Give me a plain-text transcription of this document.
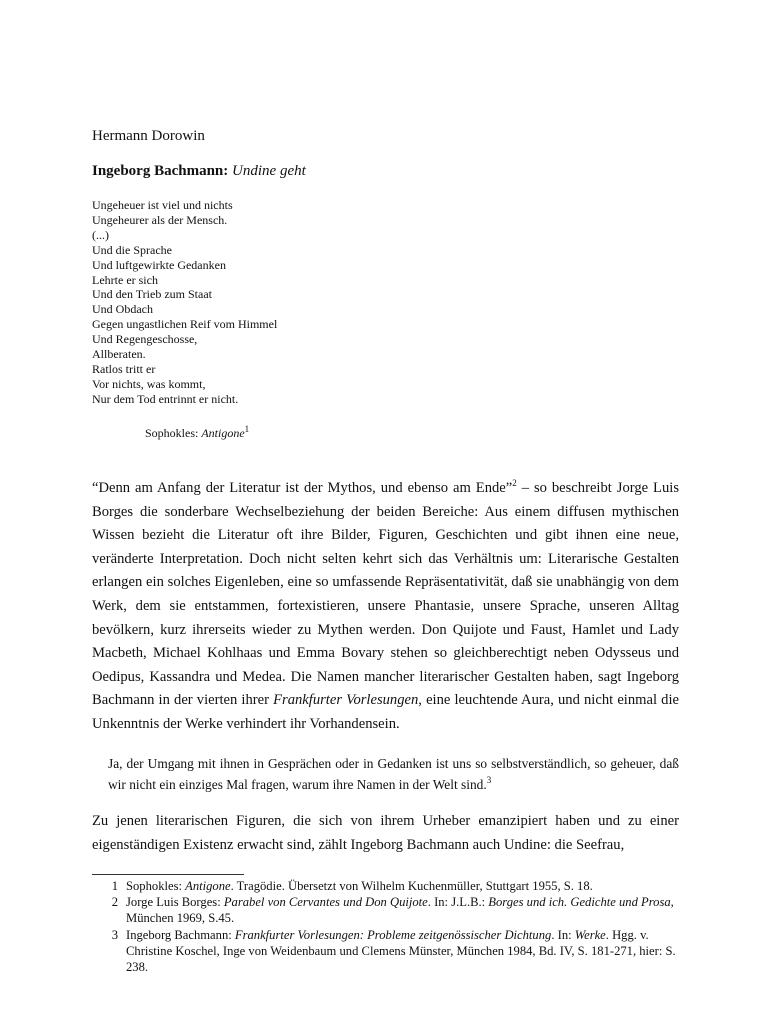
Hermann Dorowin
Ingeborg Bachmann: Undine geht
Ungeheuer ist viel und nichts
Ungeheurer als der Mensch.
(...)
Und die Sprache
Und luftgewirkte Gedanken
Lehrte er sich
Und den Trieb zum Staat
Und Obdach
Gegen ungastlichen Reif vom Himmel
Und Regengeschosse,
Allberaten.
Ratlos tritt er
Vor nichts, was kommt,
Nur dem Tod entrinnt er nicht.
Sophokles: Antigone$^1$
“Denn am Anfang der Literatur ist der Mythos, und ebenso am Ende”$^2$ – so beschreibt Jorge Luis Borges die sonderbare Wechselbeziehung der beiden Bereiche: Aus einem diffusen mythischen Wissen bezieht die Literatur oft ihre Bilder, Figuren, Geschichten und gibt ihnen eine neue, veränderte Interpretation. Doch nicht selten kehrt sich das Verhältnis um: Literarische Gestalten erlangen ein solches Eigenleben, eine so umfassende Repräsentativität, daß sie unabhängig von dem Werk, dem sie entstammen, fortexistieren, unsere Phantasie, unsere Sprache, unseren Alltag bevölkern, kurz ihrerseits wieder zu Mythen werden. Don Quijote und Faust, Hamlet und Lady Macbeth, Michael Kohlhaas und Emma Bovary stehen so gleichberechtigt neben Odysseus und Oedipus, Kassandra und Medea. Die Namen mancher literarischer Gestalten haben, sagt Ingeborg Bachmann in der vierten ihrer Frankfurter Vorlesungen, eine leuchtende Aura, und nicht einmal die Unkenntnis der Werke verhindert ihr Vorhandensein.
Ja, der Umgang mit ihnen in Gesprächen oder in Gedanken ist uns so selbstverständlich, so geheuer, daß wir nicht ein einziges Mal fragen, warum ihre Namen in der Welt sind.$^3$
Zu jenen literarischen Figuren, die sich von ihrem Urheber emanzipiert haben und zu einer eigenständigen Existenz erwacht sind, zählt Ingeborg Bachmann auch Undine: die Seefrau,
1 Sophokles: Antigone. Tragödie. Übersetzt von Wilhelm Kuchenmüller, Stuttgart 1955, S. 18.
2 Jorge Luis Borges: Parabel von Cervantes und Don Quijote. In: J.L.B.: Borges und ich. Gedichte und Prosa, München 1969, S.45.
3 Ingeborg Bachmann: Frankfurter Vorlesungen: Probleme zeitgenössischer Dichtung. In: Werke. Hgg. v. Christine Koschel, Inge von Weidenbaum und Clemens Münster, München 1984, Bd. IV, S. 181-271, hier: S. 238.
